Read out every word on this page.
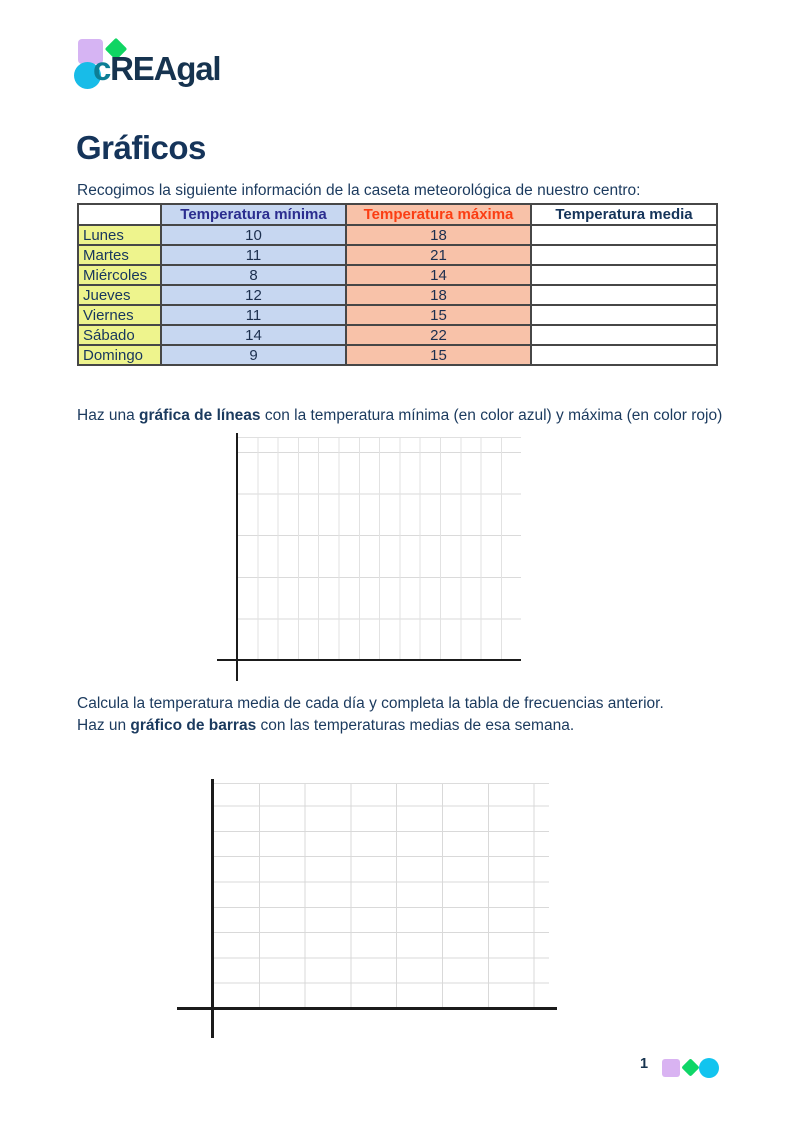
cREAgal
Gráficos

Recogimos la siguiente información de la caseta meteorológica de nuestro centro:

	Temperatura mínima	Temperatura máxima	Temperatura media
Lunes	10	18	
Martes	11	21	
Miércoles	8	14	
Jueves	12	18	
Viernes	11	15	
Sábado	14	22	
Domingo	9	15	

Haz una gráfica de líneas con la temperatura mínima (en color azul) y máxima (en color rojo)

Calcula la temperatura media de cada día y completa la tabla de frecuencias anterior.

Haz un gráfico de barras con las temperaturas medias de esa semana.

1
